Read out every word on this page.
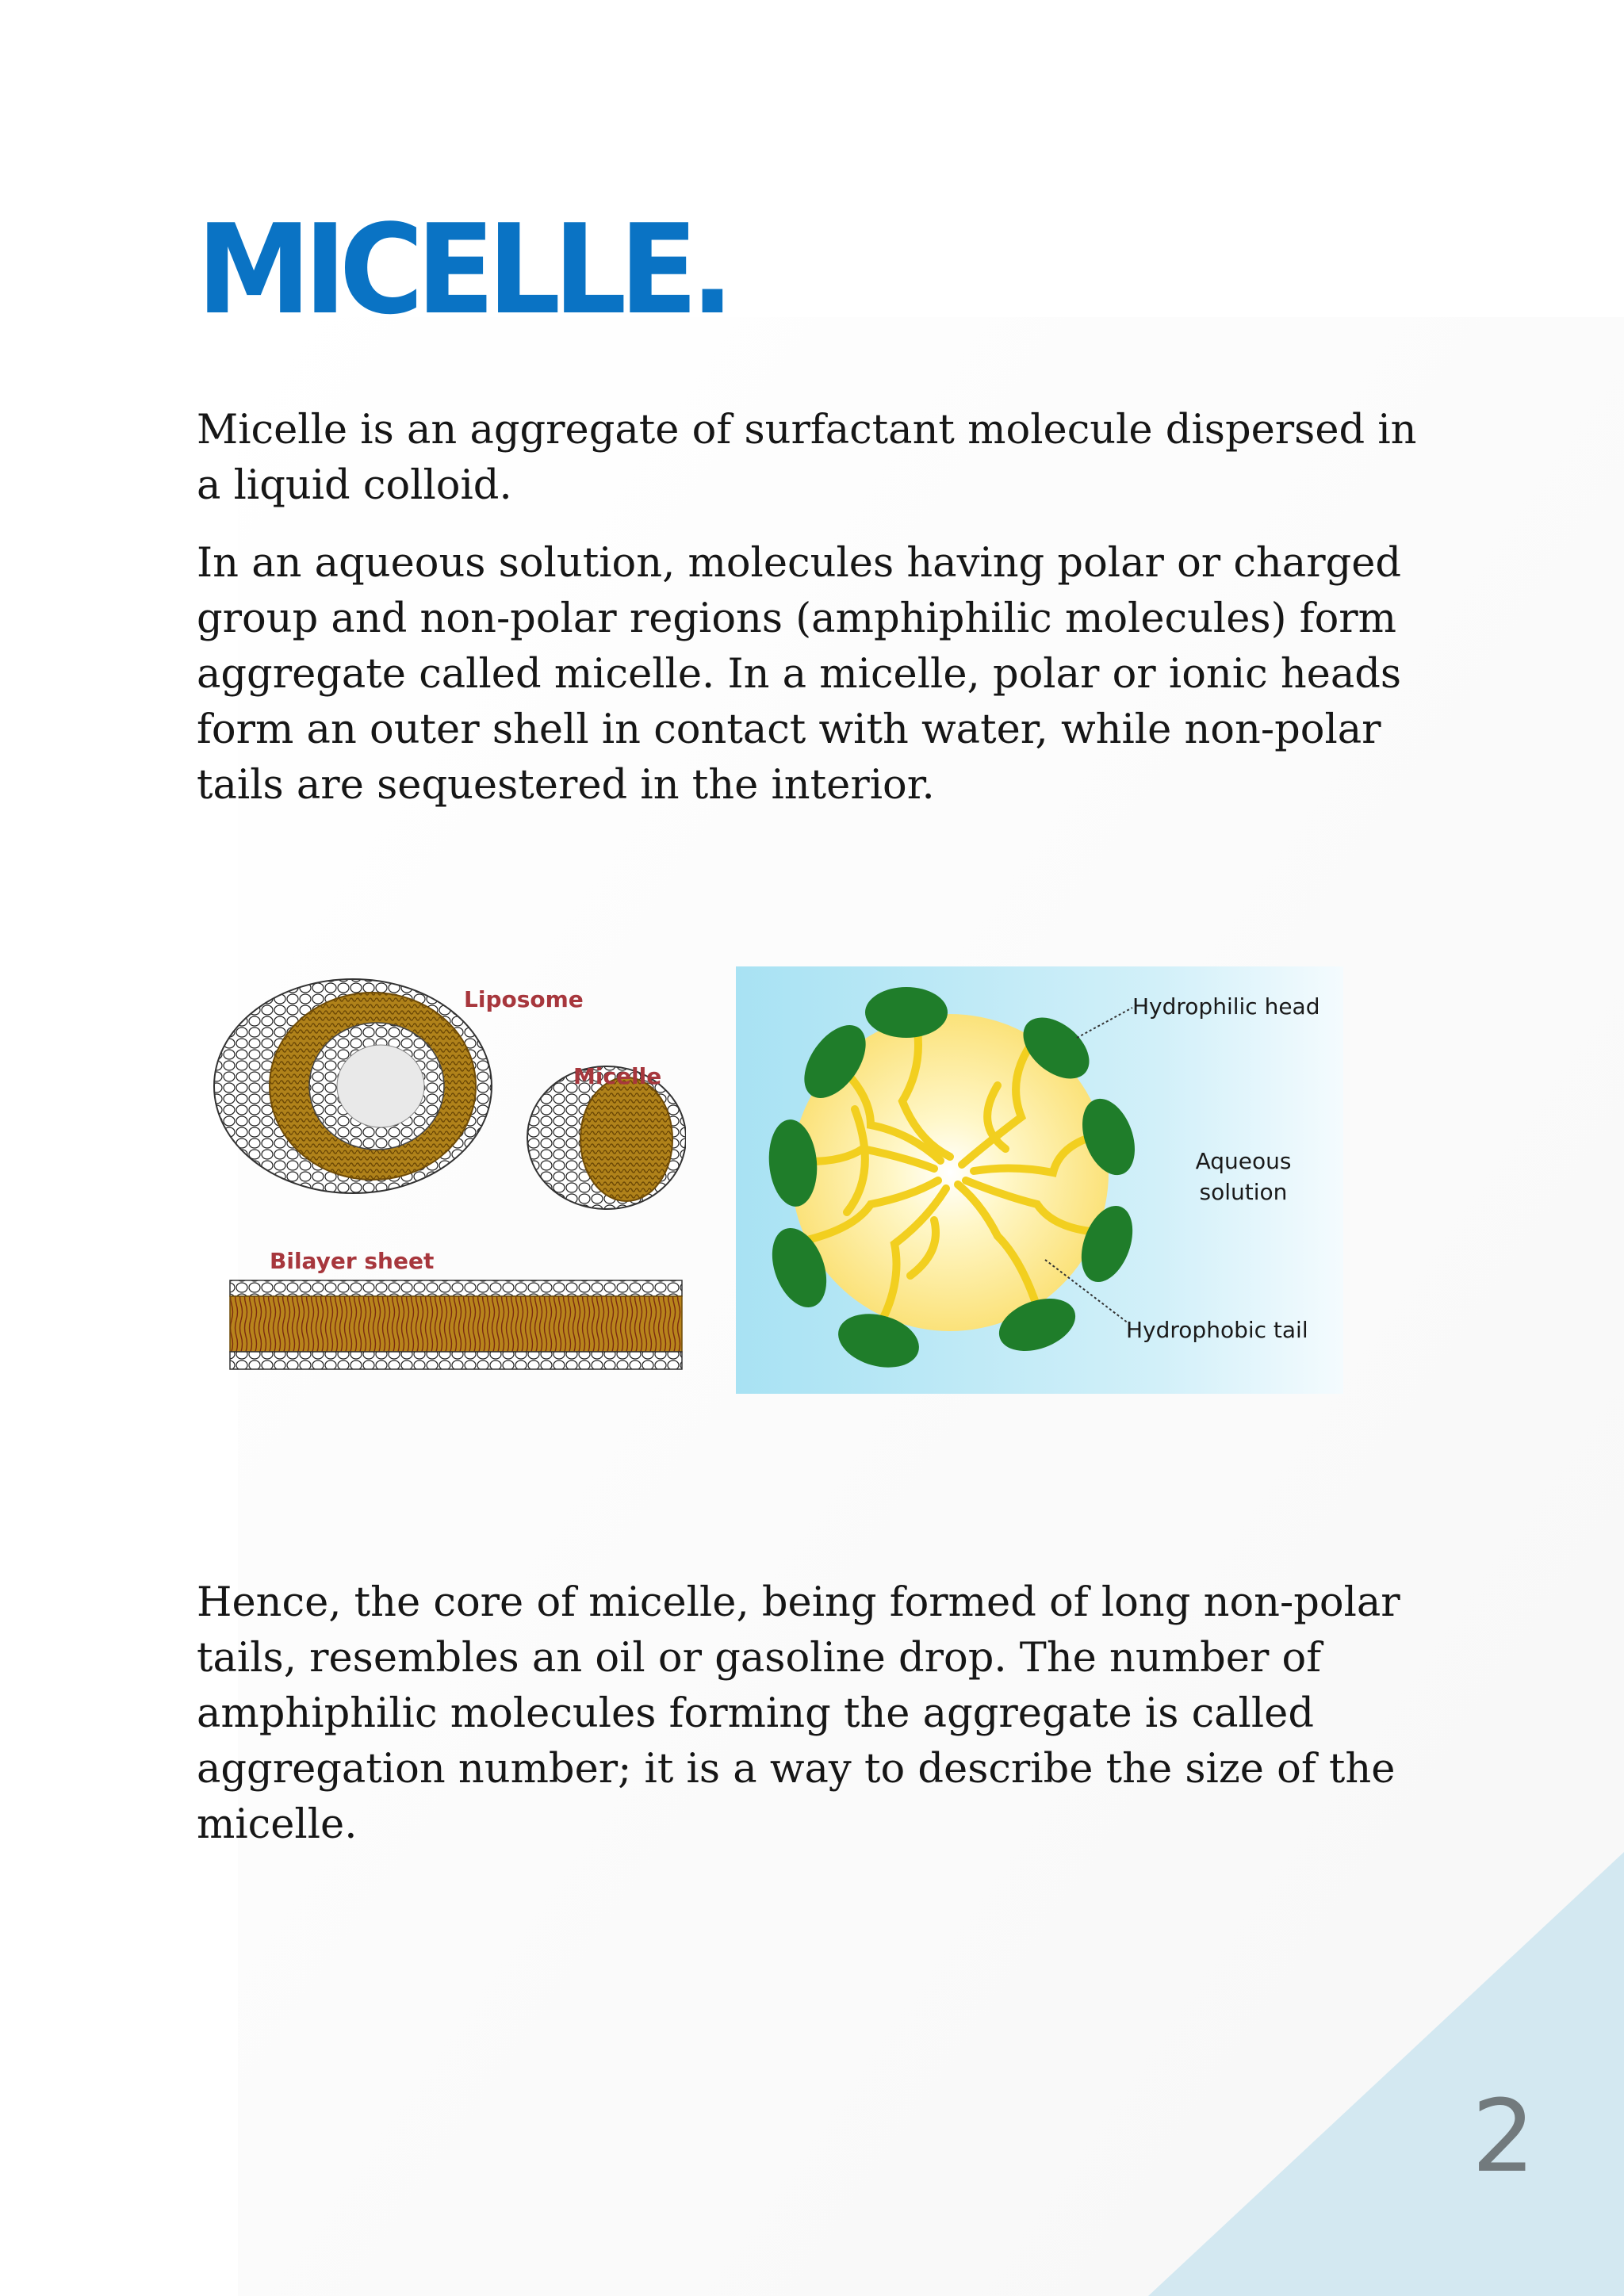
MICELLE.

Micelle is an aggregate of surfactant molecule dispersed in a liquid colloid.

In an aqueous solution, molecules having polar or charged group and non-polar regions (amphiphilic molecules) form aggregate called micelle. In a micelle, polar or ionic heads form an outer shell in contact with water, while non-polar tails are sequestered in the interior.

Liposome
Micelle
Bilayer sheet
Hydrophilic head
Aqueous
solution
Hydrophobic tail

Hence, the core of micelle, being formed of long non-polar tails, resembles an oil or gasoline drop. The number of amphiphilic molecules forming the aggregate is called aggregation number; it is a way to describe the size of the micelle.

2
